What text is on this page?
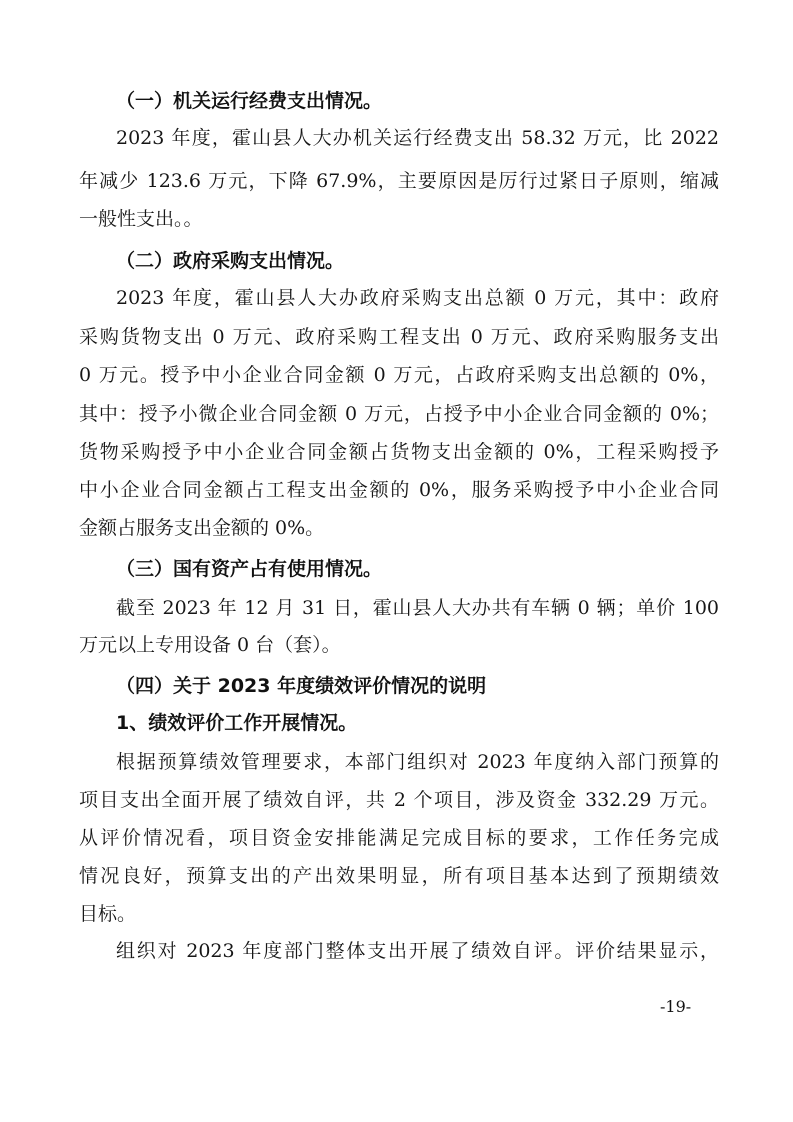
（一）机关运行经费支出情况。
2023 年度，霍山县人大办机关运行经费支出 58.32 万元，比 2022
年减少 123.6 万元，下降 67.9%，主要原因是厉行过紧日子原则，缩减
一般性支出。。
（二）政府采购支出情况。
2023 年度，霍山县人大办政府采购支出总额 0 万元，其中：政府
采购货物支出 0 万元、政府采购工程支出 0 万元、政府采购服务支出
0 万元。授予中小企业合同金额 0 万元，占政府采购支出总额的 0%，
其中：授予小微企业合同金额 0 万元，占授予中小企业合同金额的 0%；
货物采购授予中小企业合同金额占货物支出金额的 0%，工程采购授予
中小企业合同金额占工程支出金额的 0%，服务采购授予中小企业合同
金额占服务支出金额的 0%。
（三）国有资产占有使用情况。
截至 2023 年 12 月 31 日，霍山县人大办共有车辆 0 辆；单价 100
万元以上专用设备 0 台（套）。
（四）关于 2023 年度绩效评价情况的说明
1、绩效评价工作开展情况。
根据预算绩效管理要求，本部门组织对 2023 年度纳入部门预算的
项目支出全面开展了绩效自评，共 2 个项目，涉及资金 332.29 万元。
从评价情况看，项目资金安排能满足完成目标的要求，工作任务完成
情况良好，预算支出的产出效果明显，所有项目基本达到了预期绩效
目标。
组织对 2023 年度部门整体支出开展了绩效自评。评价结果显示，
-19-
